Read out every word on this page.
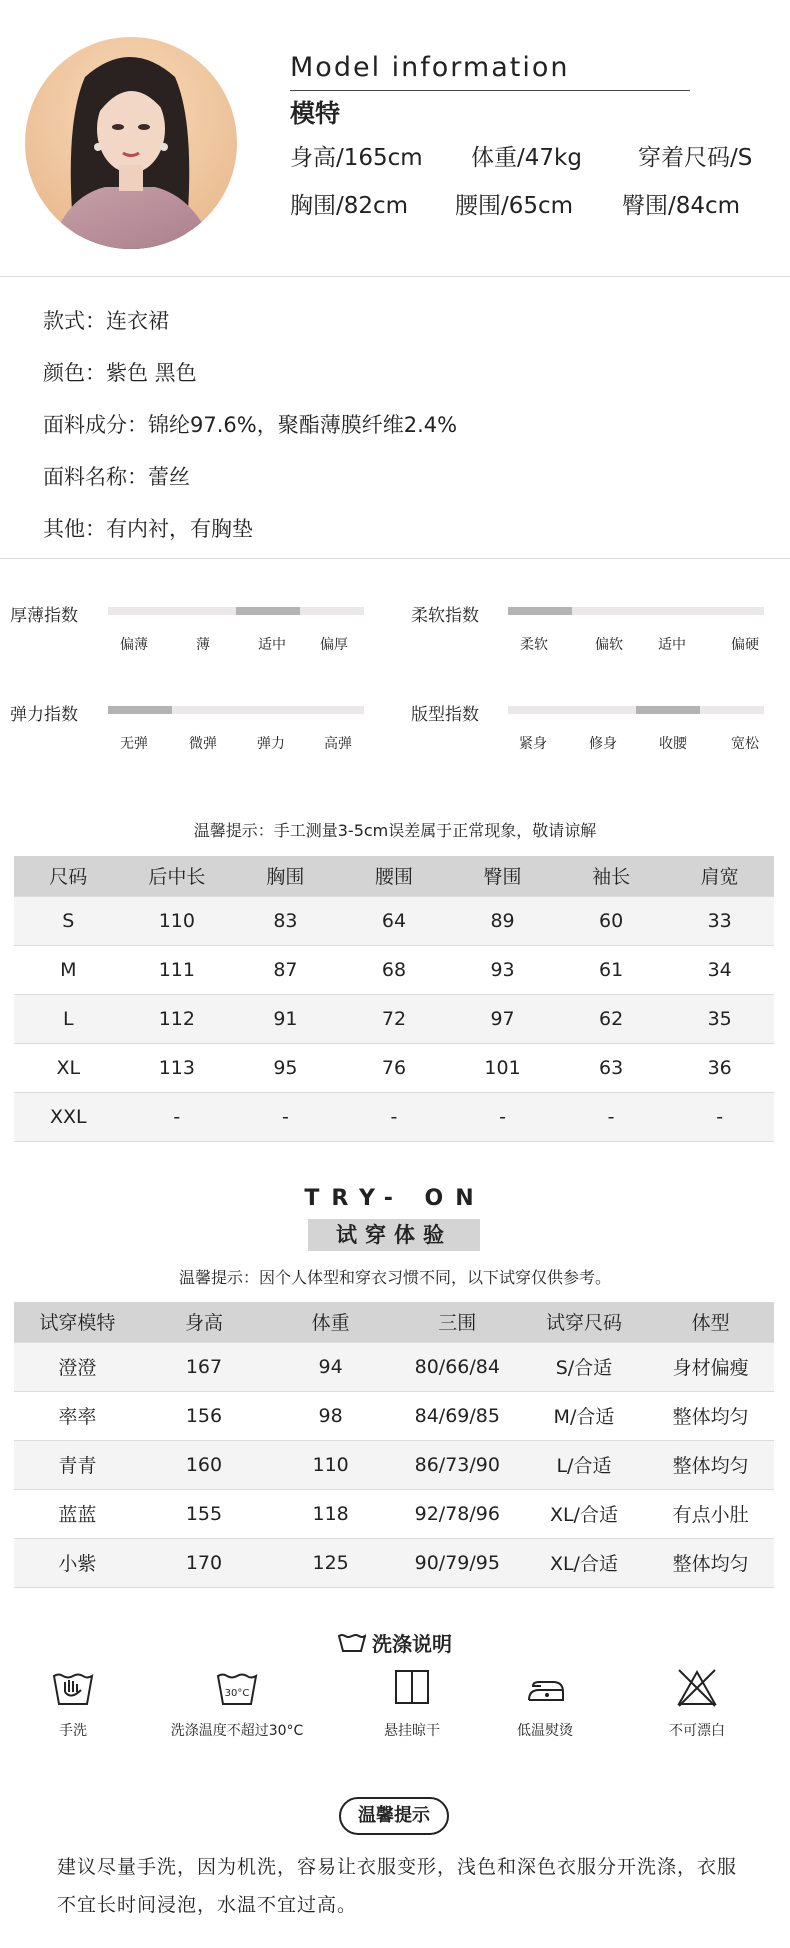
Model information
模特
身高/165cm 体重/47kg 穿着尺码/S
胸围/82cm 腰围/65cm 臀围/84cm
款式：连衣裙
颜色：紫色 黑色
面料成分：锦纶97.6%，聚酯薄膜纤维2.4%
面料名称：蕾丝
其他：有内衬，有胸垫
厚薄指数
偏薄	薄	适中	偏厚
柔软指数
柔软	偏软	适中	偏硬
弹力指数
无弹	微弹	弹力	高弹
版型指数
紧身	修身	收腰	宽松
温馨提示：手工测量3-5cm误差属于正常现象，敬请谅解
尺码	后中长	胸围	腰围	臀围	袖长	肩宽
S	110	83	64	89	60	33
M	111	87	68	93	61	34
L	112	91	72	97	62	35
XL	113	95	76	101	63	36
XXL	-	-	-	-	-	-
TRY- ON
试穿体验
温馨提示：因个人体型和穿衣习惯不同，以下试穿仅供参考。
试穿模特	身高	体重	三围	试穿尺码	体型
澄澄	167	94	80/66/84	S/合适	身材偏瘦
率率	156	98	84/69/85	M/合适	整体均匀
青青	160	110	86/73/90	L/合适	整体均匀
蓝蓝	155	118	92/78/96	XL/合适	有点小肚
小紫	170	125	90/79/95	XL/合适	整体均匀
洗涤说明
手洗
30°C
洗涤温度不超过30°C	悬挂晾干	低温熨烫	不可漂白
温馨提示
建议尽量手洗，因为机洗，容易让衣服变形，浅色和深色衣服分开洗涤，衣服不宜长时间浸泡，水温不宜过高。
